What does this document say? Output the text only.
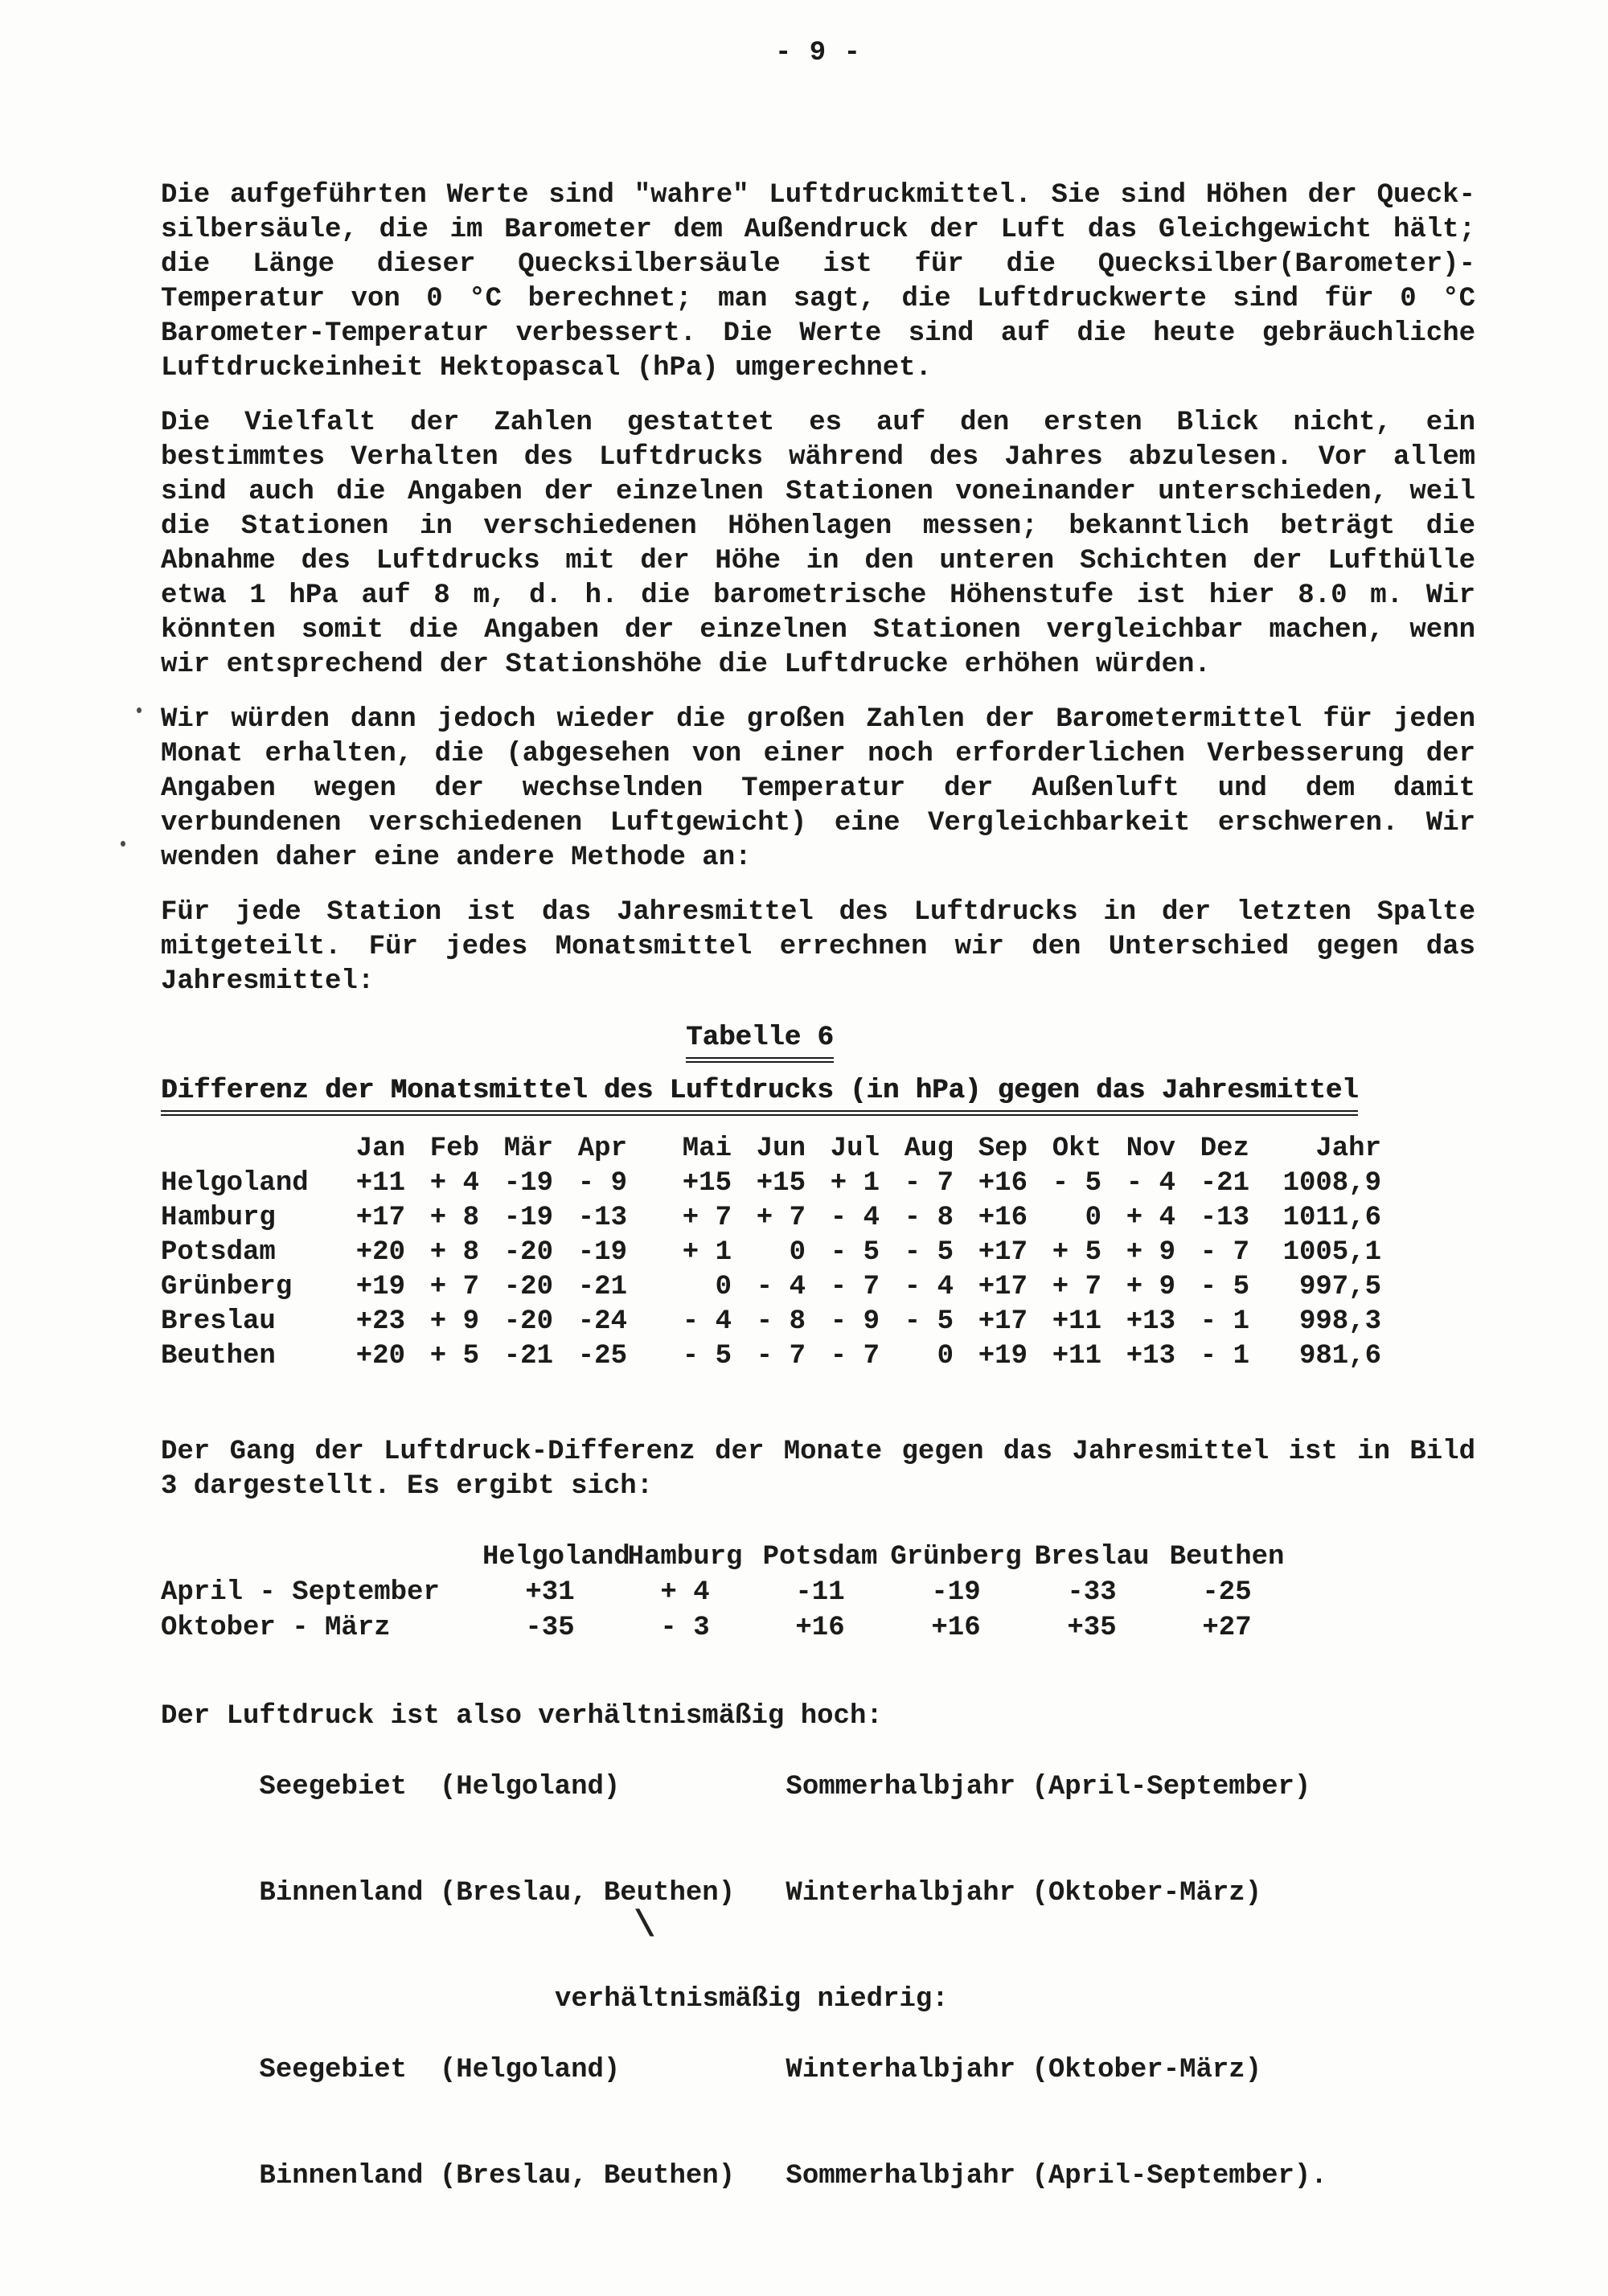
- 9 -
Die aufgeführten Werte sind "wahre" Luftdruckmittel. Sie sind Höhen der Queck-
silbersäule, die im Barometer dem Außendruck der Luft das Gleichgewicht hält;
die Länge dieser Quecksilbersäule ist für die Quecksilber(Barometer)-
Temperatur von 0 °C berechnet; man sagt, die Luftdruckwerte sind für 0 °C
Barometer-Temperatur verbessert. Die Werte sind auf die heute gebräuchliche
Luftdruckeinheit Hektopascal (hPa) umgerechnet.
Die Vielfalt der Zahlen gestattet es auf den ersten Blick nicht, ein
bestimmtes Verhalten des Luftdrucks während des Jahres abzulesen. Vor allem
sind auch die Angaben der einzelnen Stationen voneinander unterschieden, weil
die Stationen in verschiedenen Höhenlagen messen; bekanntlich beträgt die
Abnahme des Luftdrucks mit der Höhe in den unteren Schichten der Lufthülle
etwa 1 hPa auf 8 m, d. h. die barometrische Höhenstufe ist hier 8.0 m. Wir
könnten somit die Angaben der einzelnen Stationen vergleichbar machen, wenn
wir entsprechend der Stationshöhe die Luftdrucke erhöhen würden.
Wir würden dann jedoch wieder die großen Zahlen der Barometermittel für jeden
Monat erhalten, die (abgesehen von einer noch erforderlichen Verbesserung der
Angaben wegen der wechselnden Temperatur der Außenluft und dem damit
verbundenen verschiedenen Luftgewicht) eine Vergleichbarkeit erschweren. Wir
wenden daher eine andere Methode an:
Für jede Station ist das Jahresmittel des Luftdrucks in der letzten Spalte
mitgeteilt. Für jedes Monatsmittel errechnen wir den Unterschied gegen das
Jahresmittel:
Tabelle 6
Differenz der Monatsmittel des Luftdrucks (in hPa) gegen das Jahresmittel
	Jan	Feb	Mär	Apr	Mai	Jun	Jul	Aug	Sep	Okt	Nov	Dez	Jahr
Helgoland	+11	+ 4	-19	- 9	+15	+15	+ 1	- 7	+16	- 5	- 4	-21	1008,9
Hamburg	+17	+ 8	-19	-13	+ 7	+ 7	- 4	- 8	+16	0	+ 4	-13	1011,6
Potsdam	+20	+ 8	-20	-19	+ 1	0	- 5	- 5	+17	+ 5	+ 9	- 7	1005,1
Grünberg	+19	+ 7	-20	-21	0	- 4	- 7	- 4	+17	+ 7	+ 9	- 5	997,5
Breslau	+23	+ 9	-20	-24	- 4	- 8	- 9	- 5	+17	+11	+13	- 1	998,3
Beuthen	+20	+ 5	-21	-25	- 5	- 7	- 7	0	+19	+11	+13	- 1	981,6
Der Gang der Luftdruck-Differenz der Monate gegen das Jahresmittel ist in Bild
3 dargestellt. Es ergibt sich:
	Helgoland	Hamburg	Potsdam	Grünberg	Breslau	Beuthen
April - September	+31	+ 4	-11	-19	-33	-25
Oktober - März	-35	- 3	+16	+16	+35	+27
Der Luftdruck ist also verhältnismäßig hoch:

Seegebiet  (Helgoland)	Sommerhalbjahr (April-September)

Binnenland (Breslau, Beuthen) Winterhalbjahr (Oktober-März)

verhältnismäßig niedrig:

Seegebiet  (Helgoland)	Winterhalbjahr (Oktober-März)

Binnenland (Breslau, Beuthen) Sommerhalbjahr (April-September).

\
